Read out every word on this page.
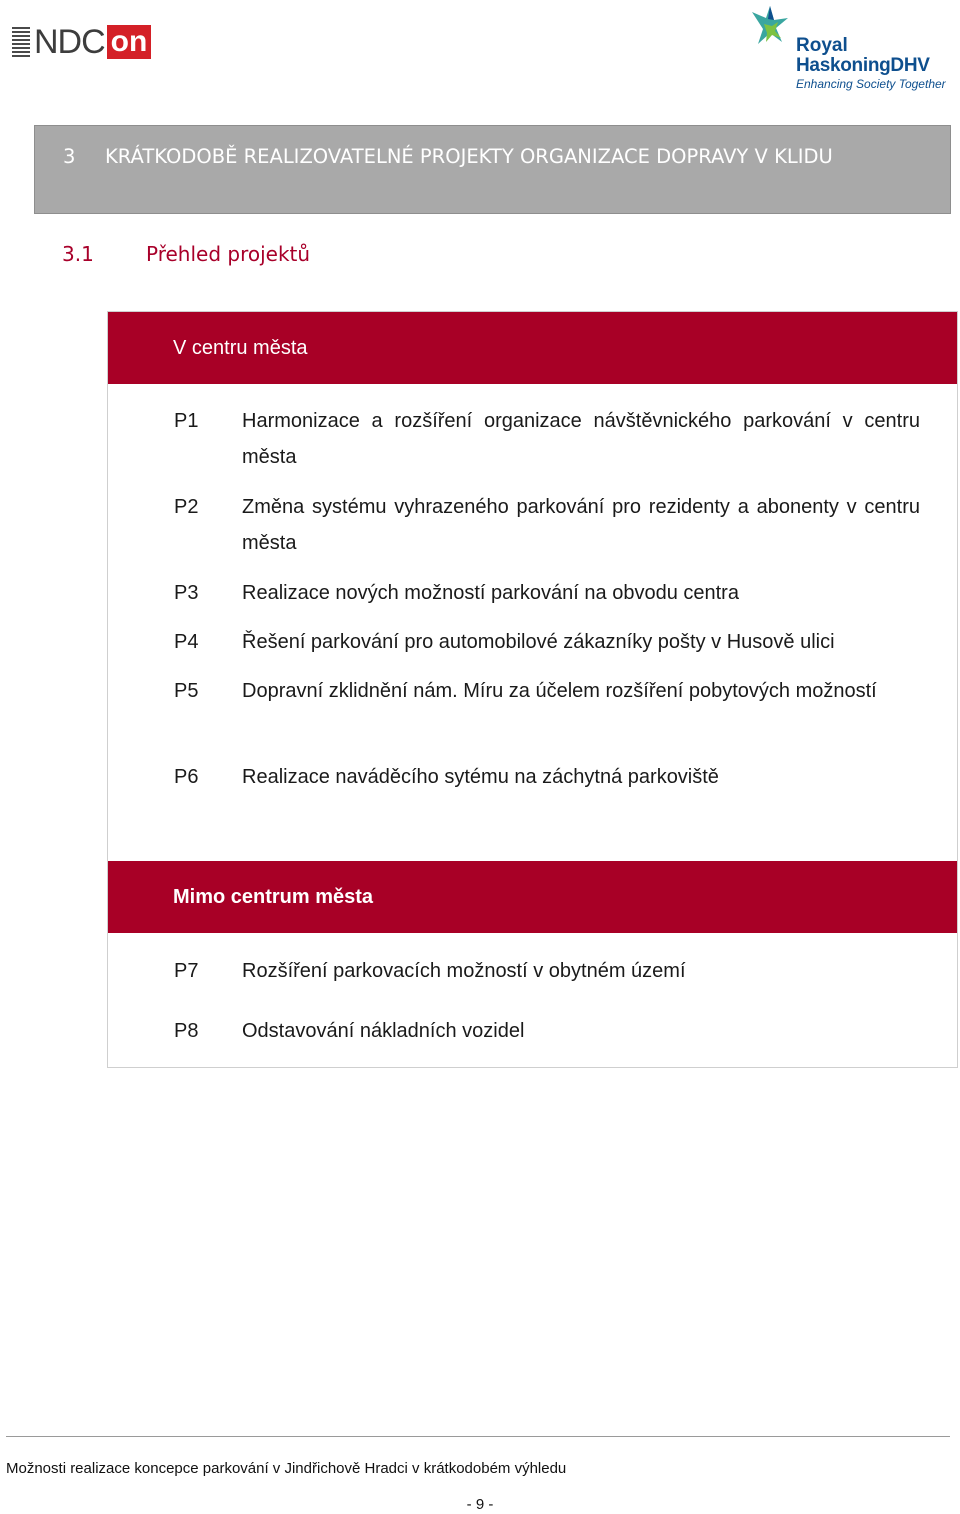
NDC on	Royal
HaskoningDHV
Enhancing Society Together
3 KRÁTKODOBĚ REALIZOVATELNÉ PROJEKTY ORGANIZACE DOPRAVY V KLIDU
3.1	Přehled projektů
V centru města
P1 Harmonizace a rozšíření organizace návštěvnického parkování v centru města
P2 Změna systému vyhrazeného parkování pro rezidenty a abonenty v centru města
P3 Realizace nových možností parkování na obvodu centra
P4 Řešení parkování pro automobilové zákazníky pošty v Husově ulici
P5 Dopravní zklidnění nám. Míru za účelem rozšíření pobytových možností
P6 Realizace naváděcího sytému na záchytná parkoviště
Mimo centrum města
P7 Rozšíření parkovacích možností v obytném území
P8 Odstavování nákladních vozidel
Možnosti realizace koncepce parkování v Jindřichově Hradci v krátkodobém výhledu
- 9 -
